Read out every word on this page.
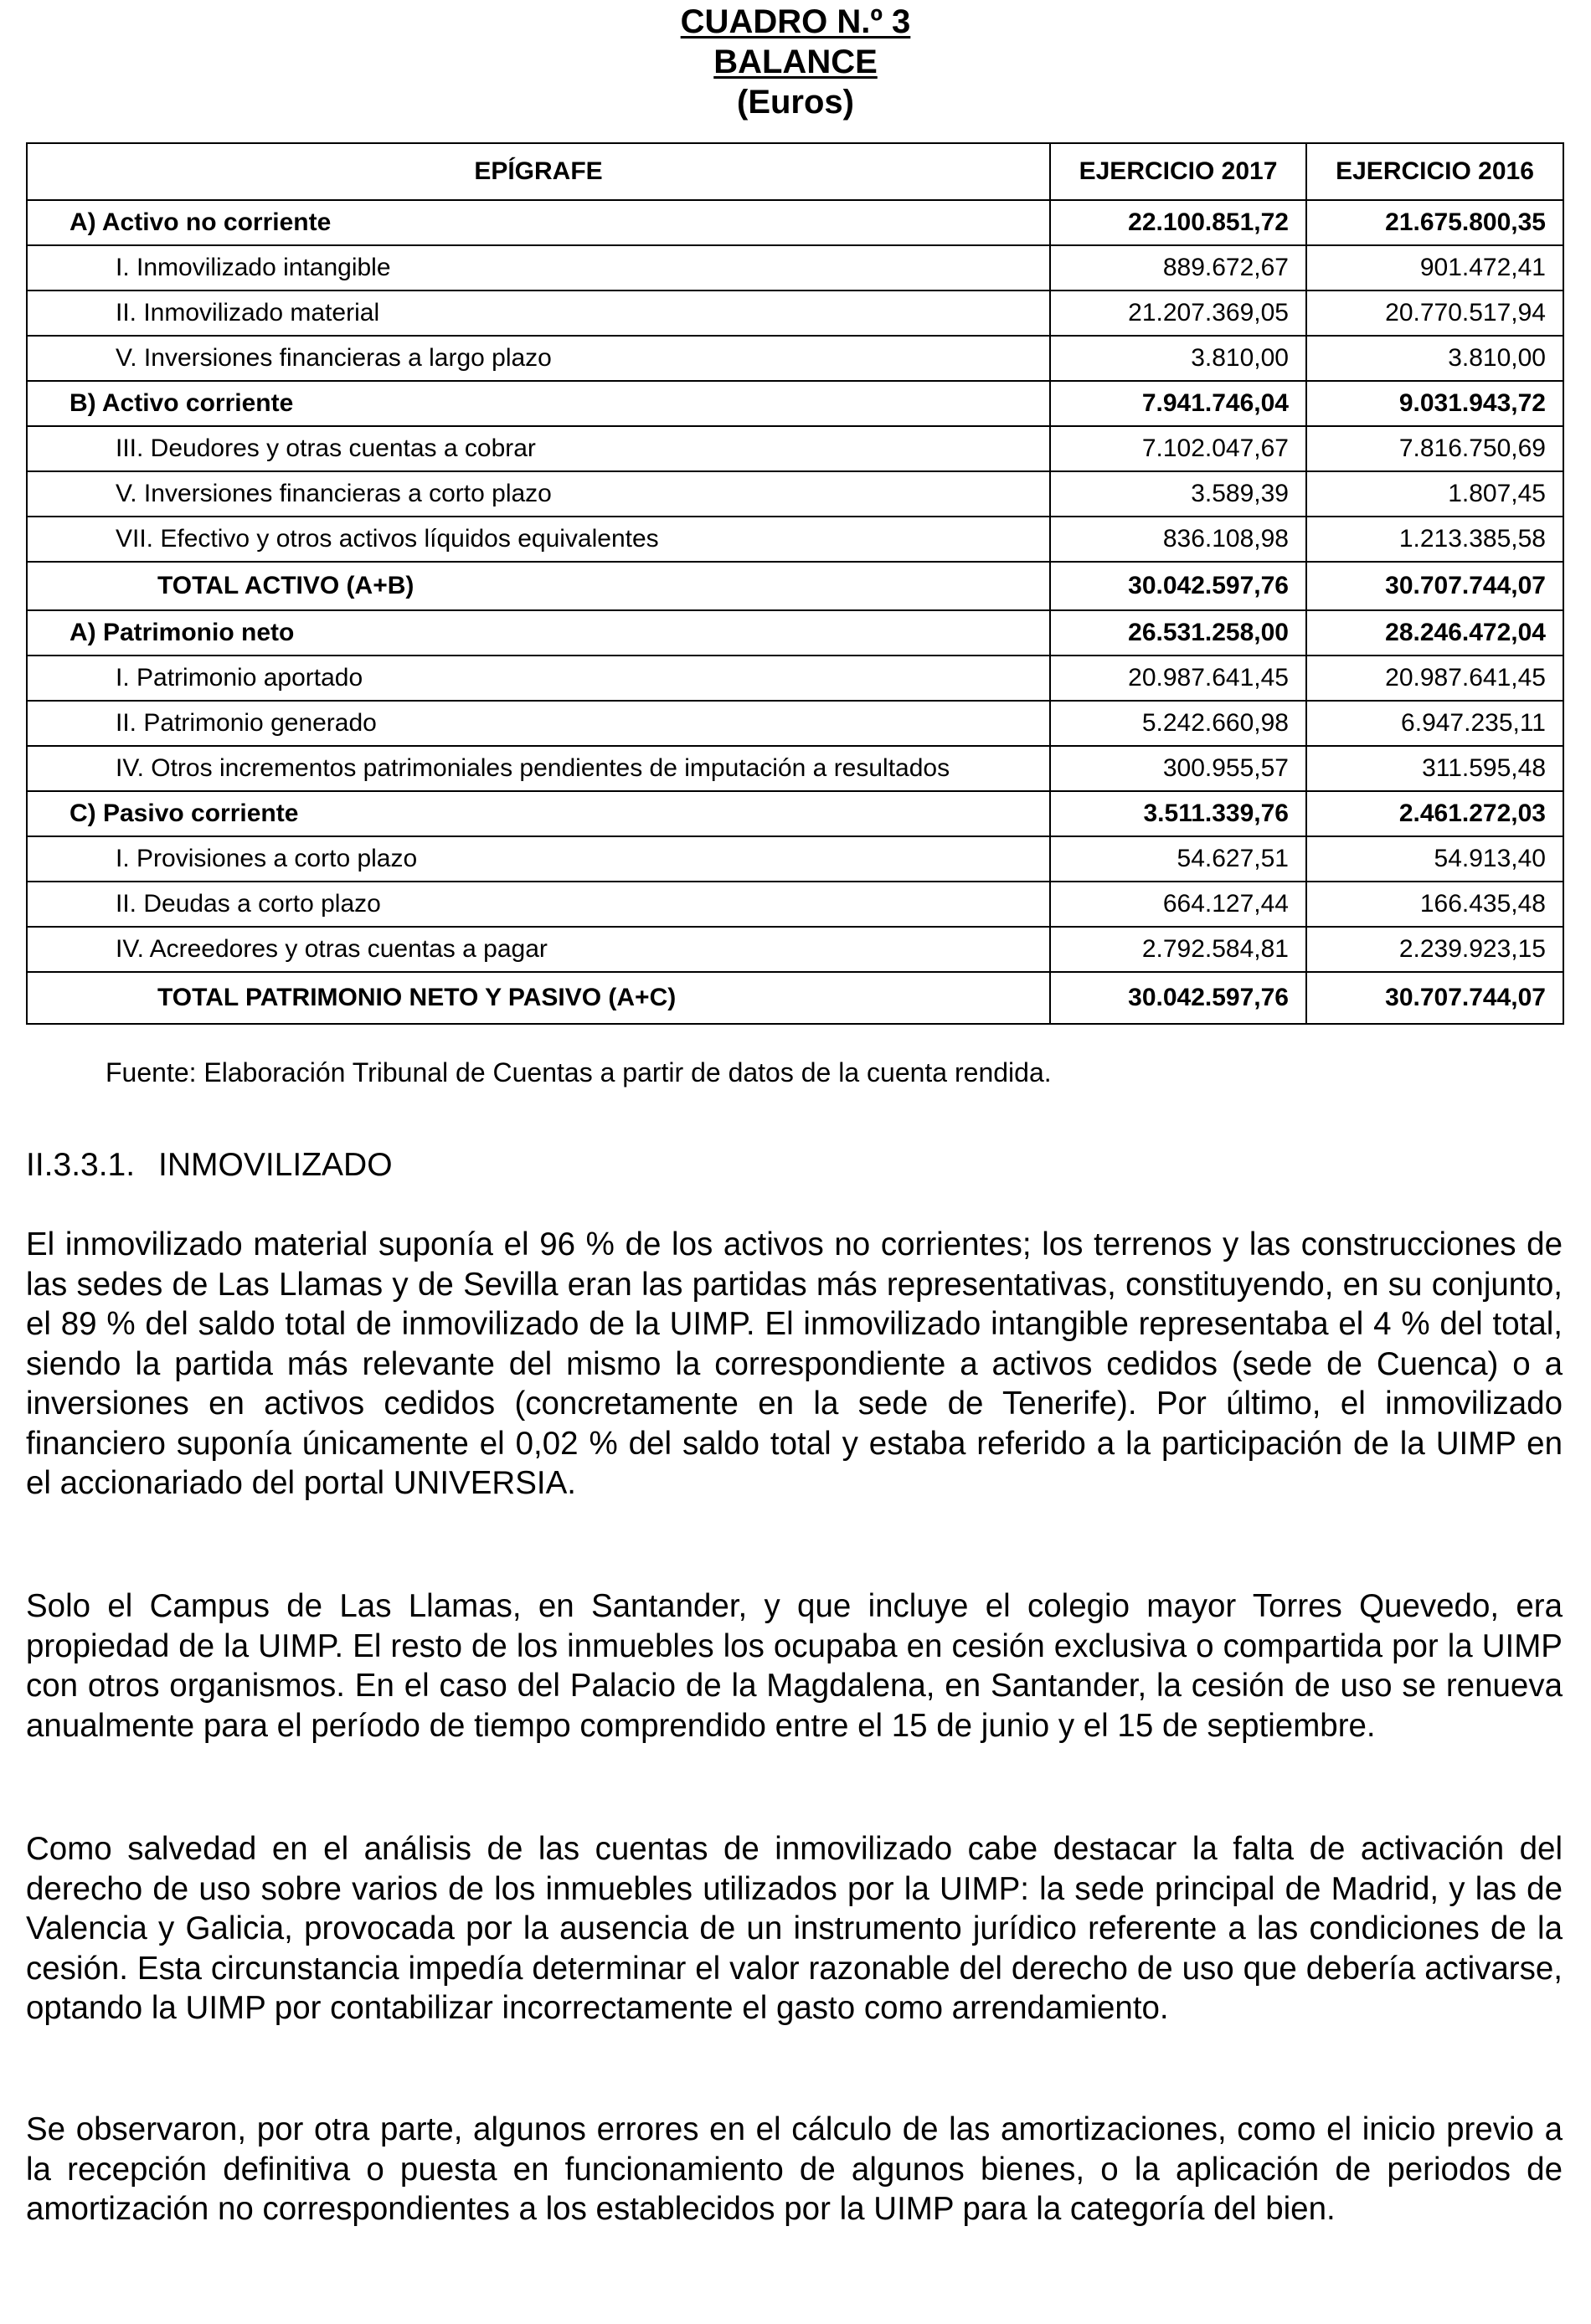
CUADRO N.º 3
BALANCE
(Euros)
EPÍGRAFE	EJERCICIO 2017	EJERCICIO 2016
A) Activo no corriente	22.100.851,72	21.675.800,35
I. Inmovilizado intangible	889.672,67	901.472,41
II. Inmovilizado material	21.207.369,05	20.770.517,94
V. Inversiones financieras a largo plazo	3.810,00	3.810,00
B) Activo corriente	7.941.746,04	9.031.943,72
III. Deudores y otras cuentas a cobrar	7.102.047,67	7.816.750,69
V. Inversiones financieras a corto plazo	3.589,39	1.807,45
VII. Efectivo y otros activos líquidos equivalentes	836.108,98	1.213.385,58
TOTAL ACTIVO (A+B)	30.042.597,76	30.707.744,07
A) Patrimonio neto	26.531.258,00	28.246.472,04
I. Patrimonio aportado	20.987.641,45	20.987.641,45
II. Patrimonio generado	5.242.660,98	6.947.235,11
IV. Otros incrementos patrimoniales pendientes de imputación a resultados	300.955,57	311.595,48
C) Pasivo corriente	3.511.339,76	2.461.272,03
I. Provisiones a corto plazo	54.627,51	54.913,40
II. Deudas a corto plazo	664.127,44	166.435,48
IV. Acreedores y otras cuentas a pagar	2.792.584,81	2.239.923,15
TOTAL PATRIMONIO NETO Y PASIVO (A+C)	30.042.597,76	30.707.744,07
Fuente: Elaboración Tribunal de Cuentas a partir de datos de la cuenta rendida.
II.3.3.1. INMOVILIZADO

El inmovilizado material suponía el 96 % de los activos no corrientes; los terrenos y las construcciones de las sedes de Las Llamas y de Sevilla eran las partidas más representativas, constituyendo, en su conjunto, el 89 % del saldo total de inmovilizado de la UIMP. El inmovilizado intangible representaba el 4 % del total, siendo la partida más relevante del mismo la correspondiente a activos cedidos (sede de Cuenca) o a inversiones en activos cedidos (concretamente en la sede de Tenerife). Por último, el inmovilizado financiero suponía únicamente el 0,02 % del saldo total y estaba referido a la participación de la UIMP en el accionariado del portal UNIVERSIA.

Solo el Campus de Las Llamas, en Santander, y que incluye el colegio mayor Torres Quevedo, era propiedad de la UIMP. El resto de los inmuebles los ocupaba en cesión exclusiva o compartida por la UIMP con otros organismos. En el caso del Palacio de la Magdalena, en Santander, la cesión de uso se renueva anualmente para el período de tiempo comprendido entre el 15 de junio y el 15 de septiembre.

Como salvedad en el análisis de las cuentas de inmovilizado cabe destacar la falta de activación del derecho de uso sobre varios de los inmuebles utilizados por la UIMP: la sede principal de Madrid, y las de Valencia y Galicia, provocada por la ausencia de un instrumento jurídico referente a las condiciones de la cesión. Esta circunstancia impedía determinar el valor razonable del derecho de uso que debería activarse, optando la UIMP por contabilizar incorrectamente el gasto como arrendamiento.

Se observaron, por otra parte, algunos errores en el cálculo de las amortizaciones, como el inicio previo a la recepción definitiva o puesta en funcionamiento de algunos bienes, o la aplicación de periodos de amortización no correspondientes a los establecidos por la UIMP para la categoría del bien.
